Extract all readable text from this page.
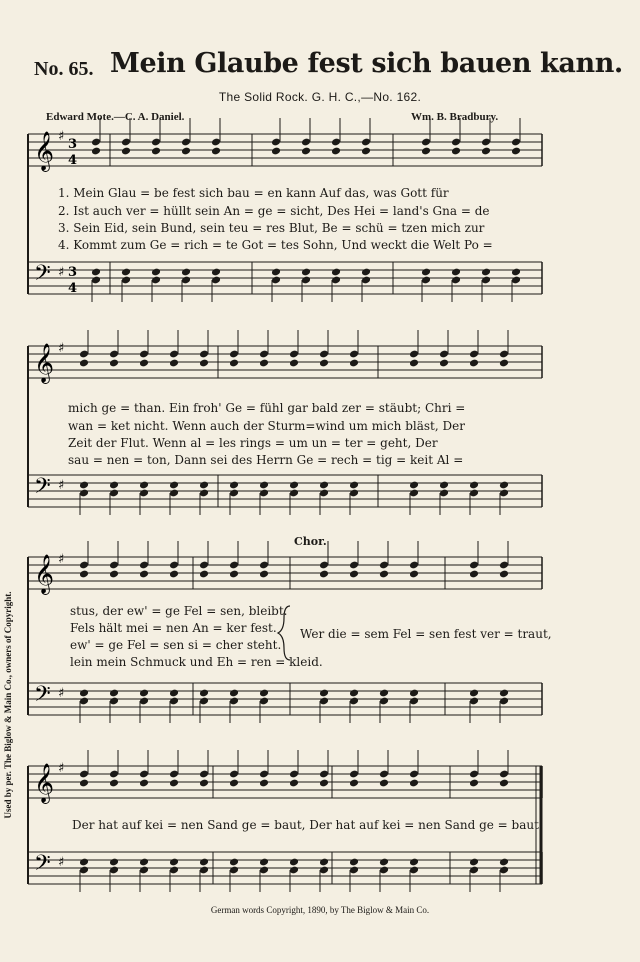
No. 65. Mein Glaube fest sich bauen kann.
The Solid Rock. G. H. C.,—No. 162.
Edward Mote.—C. A. Daniel.	Wm. B. Bradbury.
Used by per. The Biglow & Main Co., owners of Copyright.
𝄞
𝄢
♯
♯
3
4
3
4
𝄞
𝄢
♯
♯
𝄞
𝄢
♯
♯
𝄞
𝄢
♯
♯
1. Mein Glau = be fest sich bau = en kann Auf das, was Gott für
2. Ist auch ver = hüllt sein An = ge = sicht, Des Hei = land's Gna = de
3. Sein Eid, sein Bund, sein teu = res Blut, Be = schü = tzen mich zur
4. Kommt zum Ge = rich = te Got = tes Sohn, Und weckt die Welt Po =
mich ge = than. Ein froh' Ge = fühl gar bald zer = stäubt; Chri =
wan = ket nicht. Wenn auch der Sturm=wind um mich bläst, Der
Zeit der Flut. Wenn al = les rings = um un = ter = geht, Der
sau = nen = ton, Dann sei des Herrn Ge = rech = tig = keit Al =
Chor.
stus, der ew' = ge Fel = sen, bleibt.
Fels hält mei = nen An = ker fest.
ew' = ge Fel = sen si = cher steht.
lein mein Schmuck und Eh = ren = kleid.
Wer die = sem Fel = sen fest ver = traut,
Der hat auf kei = nen Sand ge = baut, Der hat auf kei = nen Sand ge = baut.
German words Copyright, 1890, by The Biglow & Main Co.
